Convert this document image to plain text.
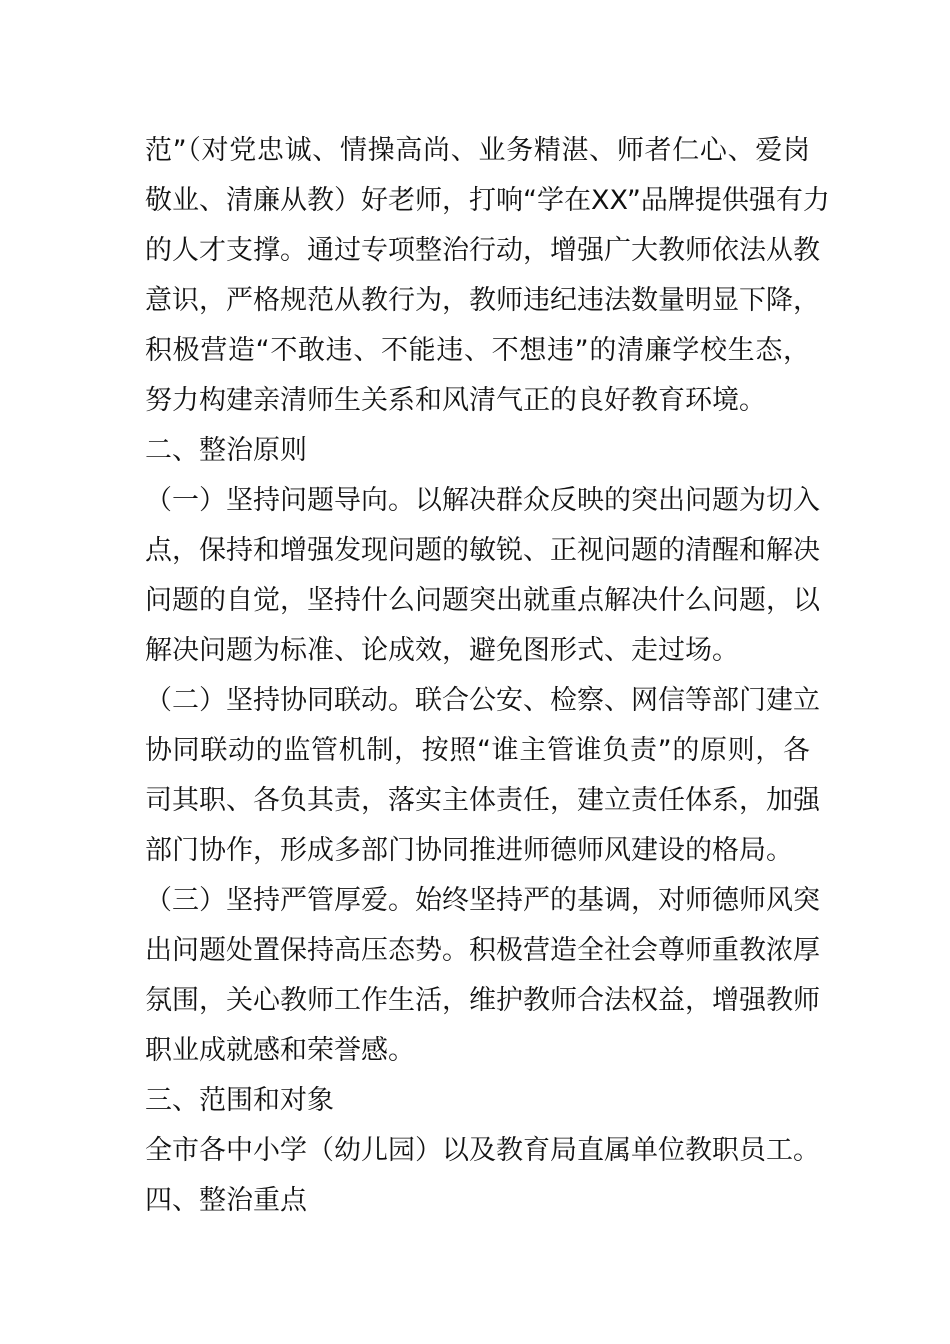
范”（对党忠诚、情操高尚、业务精湛、师者仁心、爱岗
敬业、清廉从教）好老师，打响“学在XX”品牌提供强有力
的人才支撑。通过专项整治行动，增强广大教师依法从教
意识，严格规范从教行为，教师违纪违法数量明显下降，
积极营造“不敢违、不能违、不想违”的清廉学校生态，
努力构建亲清师生关系和风清气正的良好教育环境。
二、整治原则
（一）坚持问题导向。以解决群众反映的突出问题为切入
点，保持和增强发现问题的敏锐、正视问题的清醒和解决
问题的自觉，坚持什么问题突出就重点解决什么问题，以
解决问题为标准、论成效，避免图形式、走过场。
（二）坚持协同联动。联合公安、检察、网信等部门建立
协同联动的监管机制，按照“谁主管谁负责”的原则，各
司其职、各负其责，落实主体责任，建立责任体系，加强
部门协作，形成多部门协同推进师德师风建设的格局。
（三）坚持严管厚爱。始终坚持严的基调，对师德师风突
出问题处置保持高压态势。积极营造全社会尊师重教浓厚
氛围，关心教师工作生活，维护教师合法权益，增强教师
职业成就感和荣誉感。
三、范围和对象
全市各中小学（幼儿园）以及教育局直属单位教职员工。
四、整治重点
